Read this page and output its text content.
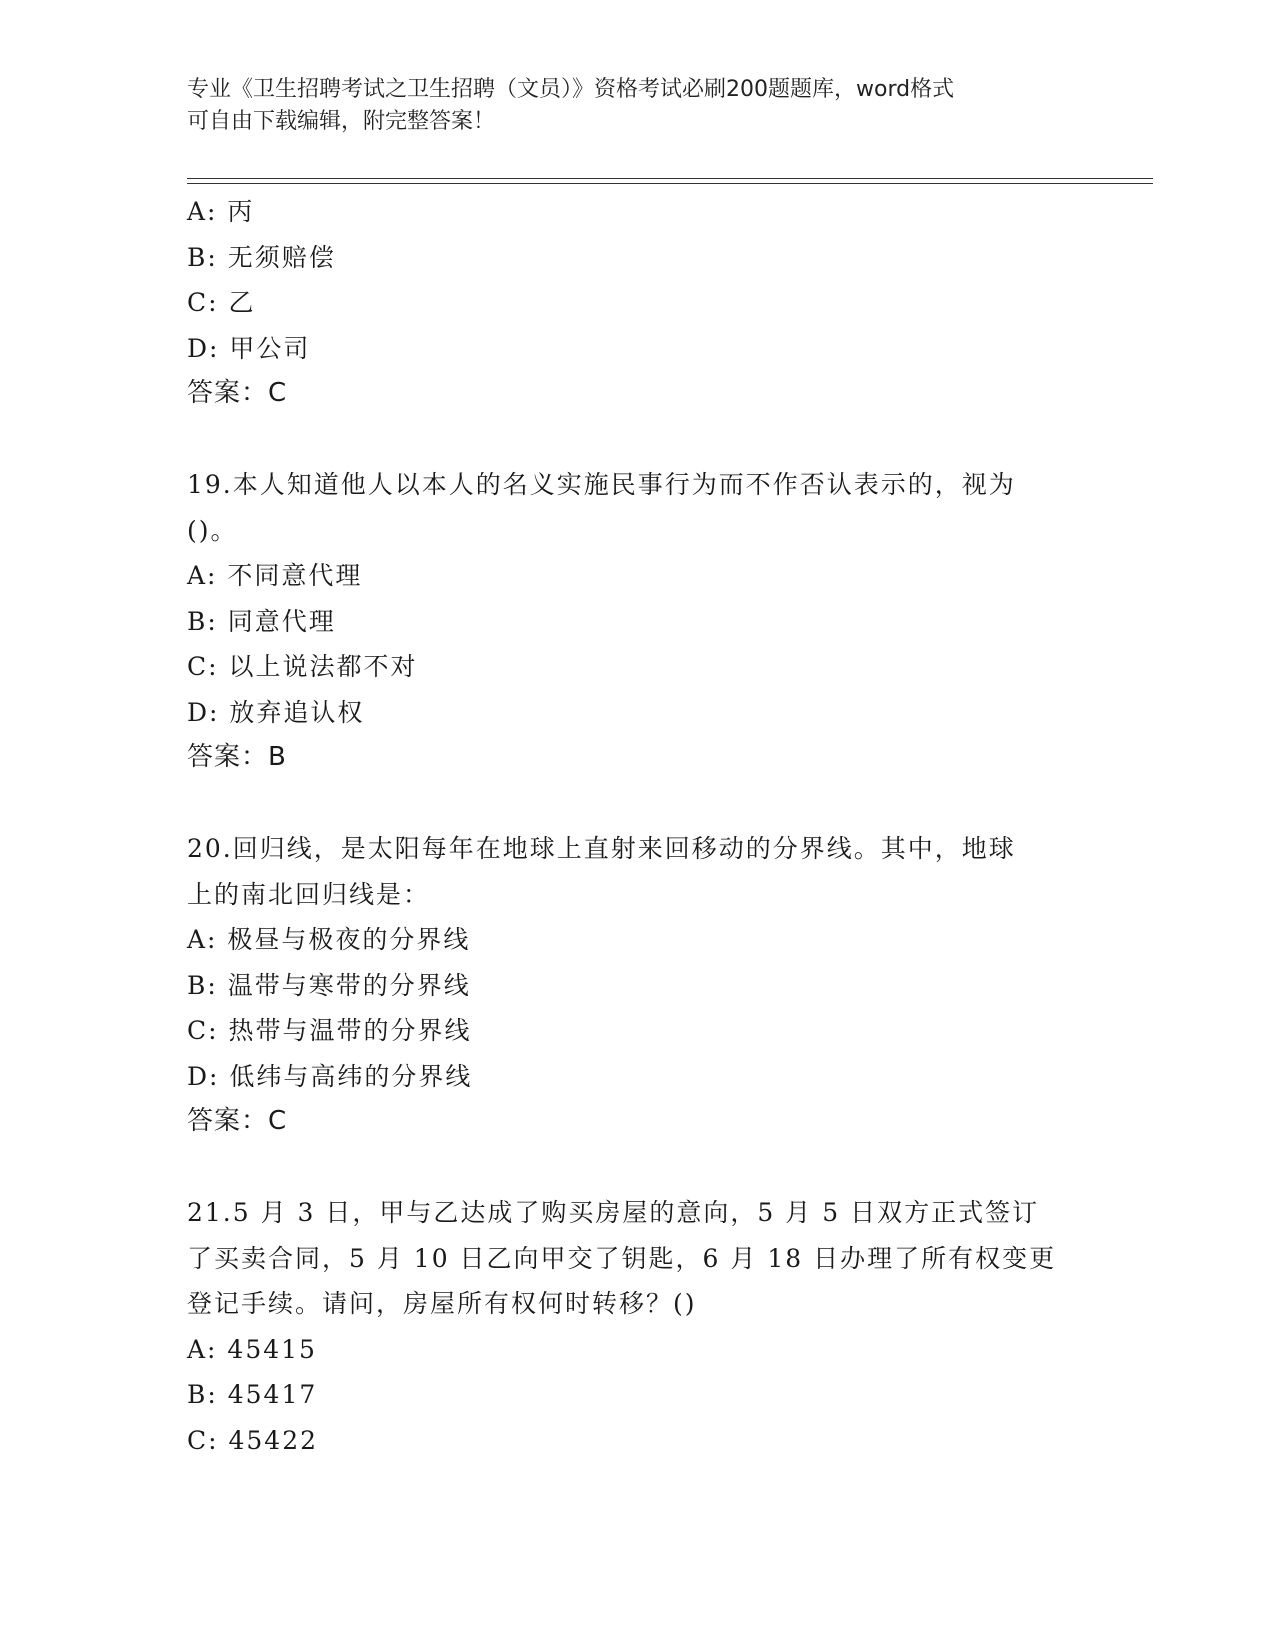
专业《卫生招聘考试之卫生招聘（文员）》资格考试必刷200题题库，word格式
可自由下载编辑，附完整答案！
A: 丙
B: 无须赔偿
C: 乙
D: 甲公司
答案：C
19.本人知道他人以本人的名义实施民事行为而不作否认表示的，视为
()。
A: 不同意代理
B: 同意代理
C: 以上说法都不对
D: 放弃追认权
答案：B
20.回归线，是太阳每年在地球上直射来回移动的分界线。其中，地球
上的南北回归线是：
A: 极昼与极夜的分界线
B: 温带与寒带的分界线
C: 热带与温带的分界线
D: 低纬与高纬的分界线
答案：C
21.5 月 3 日，甲与乙达成了购买房屋的意向，5 月 5 日双方正式签订
了买卖合同，5 月 10 日乙向甲交了钥匙，6 月 18 日办理了所有权变更
登记手续。请问，房屋所有权何时转移？()
A: 45415
B: 45417
C: 45422
